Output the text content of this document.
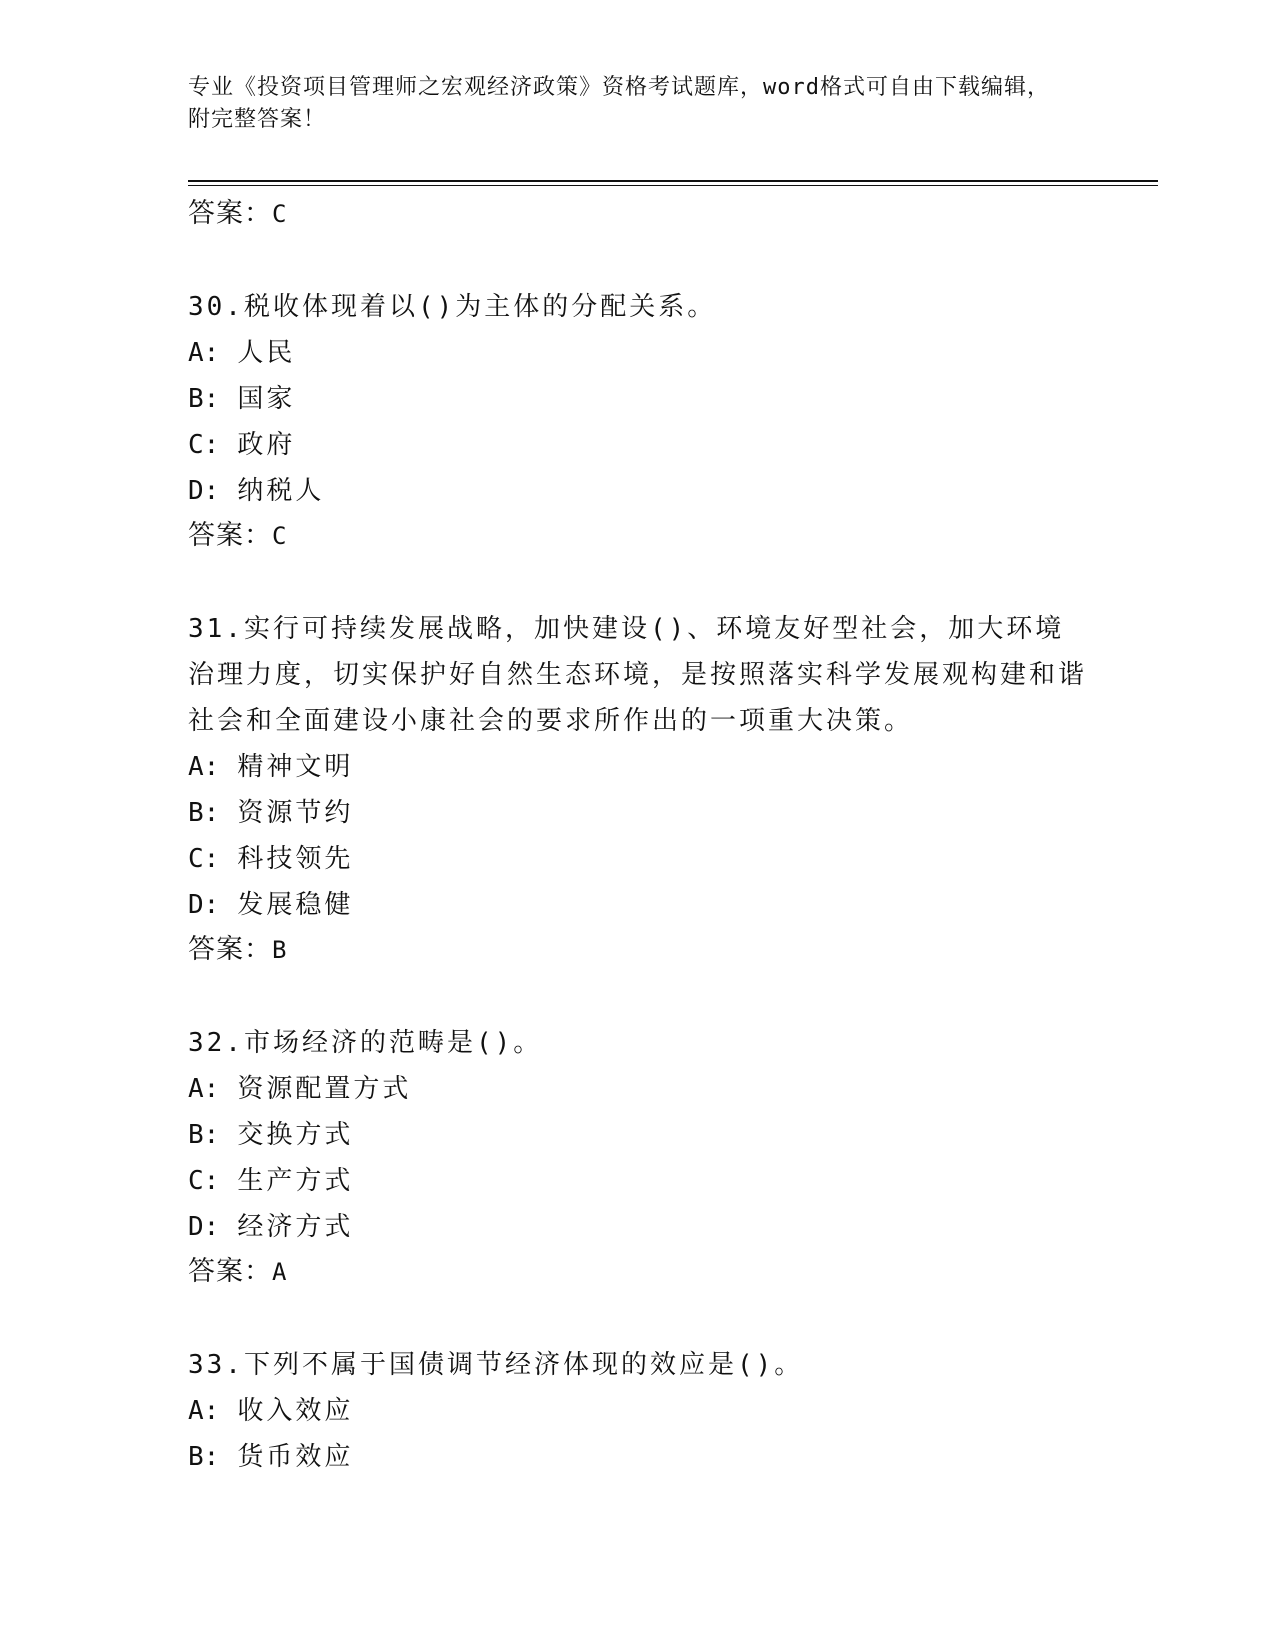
专业《投资项目管理师之宏观经济政策》资格考试题库，word格式可自由下载编辑，附完整答案！
答案：C
30.税收体现着以()为主体的分配关系。
A: 人民
B: 国家
C: 政府
D: 纳税人
答案：C
31.实行可持续发展战略，加快建设()、环境友好型社会，加大环境治理力度，切实保护好自然生态环境，是按照落实科学发展观构建和谐社会和全面建设小康社会的要求所作出的一项重大决策。
A: 精神文明
B: 资源节约
C: 科技领先
D: 发展稳健
答案：B
32.市场经济的范畴是()。
A: 资源配置方式
B: 交换方式
C: 生产方式
D: 经济方式
答案：A
33.下列不属于国债调节经济体现的效应是()。
A: 收入效应
B: 货币效应
